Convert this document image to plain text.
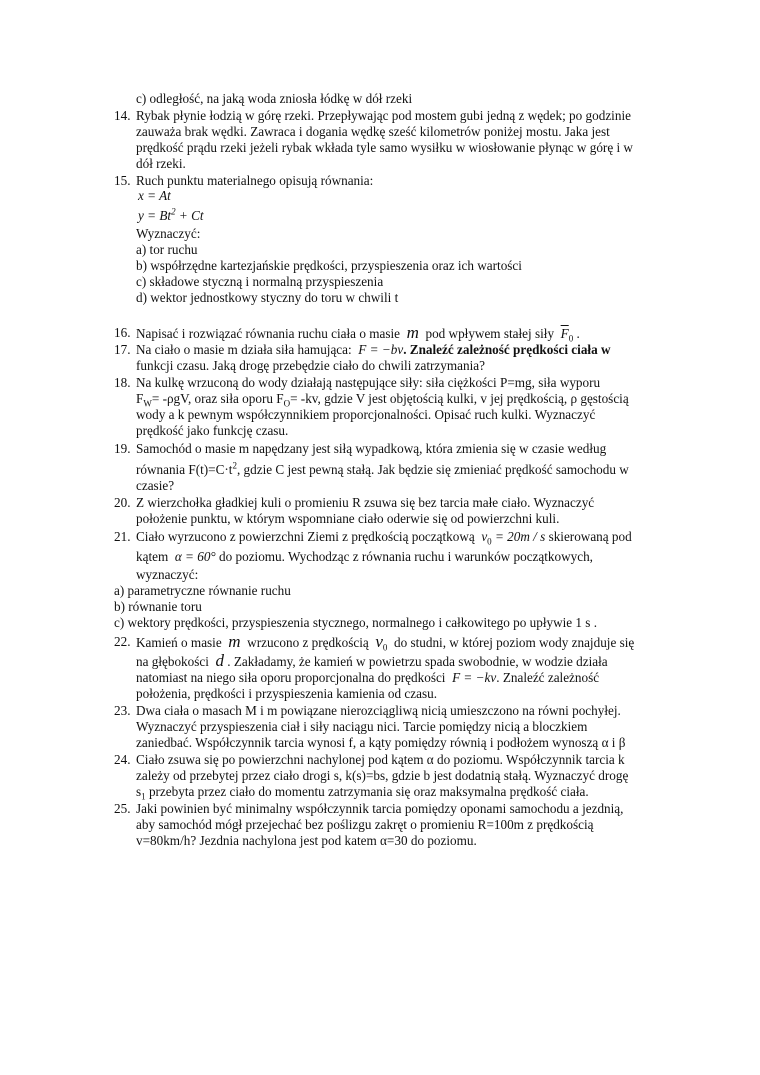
c) odległość, na jaką woda zniosła łódkę w dół rzeki
14. Rybak płynie łodzią w górę rzeki. Przepływając pod mostem gubi jedną z wędek; po godzinie
zauważa brak wędki. Zawraca i dogania wędkę sześć kilometrów poniżej mostu. Jaka jest
prędkość prądu rzeki jeżeli rybak wkłada tyle samo wysiłku w wiosłowanie płynąc w górę i w
dół rzeki.
15. Ruch punktu materialnego opisują równania:
x = At
$y = Bt^2 + Ct$
Wyznaczyć:
a) tor ruchu
b) współrzędne kartezjańskie prędkości, przyspieszenia oraz ich wartości
c) składowe styczną i normalną przyspieszenia
d) wektor jednostkowy styczny do toru w chwili t
16. Napisać i rozwiązać równania ruchu ciała o masie m pod wpływem stałej siły $\overline{F}_0$ .
17. Na ciało o masie m działa siła hamująca: F = −bv. Znaleźć zależność prędkości ciała w
funkcji czasu. Jaką drogę przebędzie ciało do chwili zatrzymania?
18. Na kulkę wrzuconą do wody działają następujące siły: siła ciężkości P=mg, siła wyporu
$F_W= -\rho gV$, oraz siła oporu $F_O= -kv$, gdzie V jest objętością kulki, v jej prędkością, ρ gęstością
wody a k pewnym współczynnikiem proporcjonalności. Opisać ruch kulki. Wyznaczyć
prędkość jako funkcję czasu.
19. Samochód o masie m napędzany jest siłą wypadkową, która zmienia się w czasie według
równania $F(t)=C\cdot t^2$, gdzie C jest pewną stałą. Jak będzie się zmieniać prędkość samochodu w
czasie?
20. Z wierzchołka gładkiej kuli o promieniu R zsuwa się bez tarcia małe ciało. Wyznaczyć
położenie punktu, w którym wspomniane ciało oderwie się od powierzchni kuli.
21. Ciało wyrzucono z powierzchni Ziemi z prędkością początkową $v_0 = 20m / s$ skierowaną pod
kątem α = 60° do poziomu. Wychodząc z równania ruchu i warunków początkowych,
wyznaczyć:
a) parametryczne równanie ruchu
b) równanie toru
c) wektory prędkości, przyspieszenia stycznego, normalnego i całkowitego po upływie 1 s .
22. Kamień o masie m wrzucono z prędkością $v_0$ do studni, w której poziom wody znajduje się
na głębokości d . Zakładamy, że kamień w powietrzu spada swobodnie, w wodzie działa
natomiast na niego siła oporu proporcjonalna do prędkości F = −kv. Znaleźć zależność
położenia, prędkości i przyspieszenia kamienia od czasu.
23. Dwa ciała o masach M i m powiązane nierozciągliwą nicią umieszczono na równi pochyłej.
Wyznaczyć przyspieszenia ciał i siły naciągu nici. Tarcie pomiędzy nicią a bloczkiem
zaniedbać. Współczynnik tarcia wynosi f, a kąty pomiędzy równią i podłożem wynoszą α i β
24. Ciało zsuwa się po powierzchni nachylonej pod kątem α do poziomu. Współczynnik tarcia k
zależy od przebytej przez ciało drogi s, k(s)=bs, gdzie b jest dodatnią stałą. Wyznaczyć drogę
$s_1$ przebyta przez ciało do momentu zatrzymania się oraz maksymalna prędkość ciała.
25. Jaki powinien być minimalny współczynnik tarcia pomiędzy oponami samochodu a jezdnią,
aby samochód mógł przejechać bez poślizgu zakręt o promieniu R=100m z prędkością
v=80km/h? Jezdnia nachylona jest pod katem α=30 do poziomu.
